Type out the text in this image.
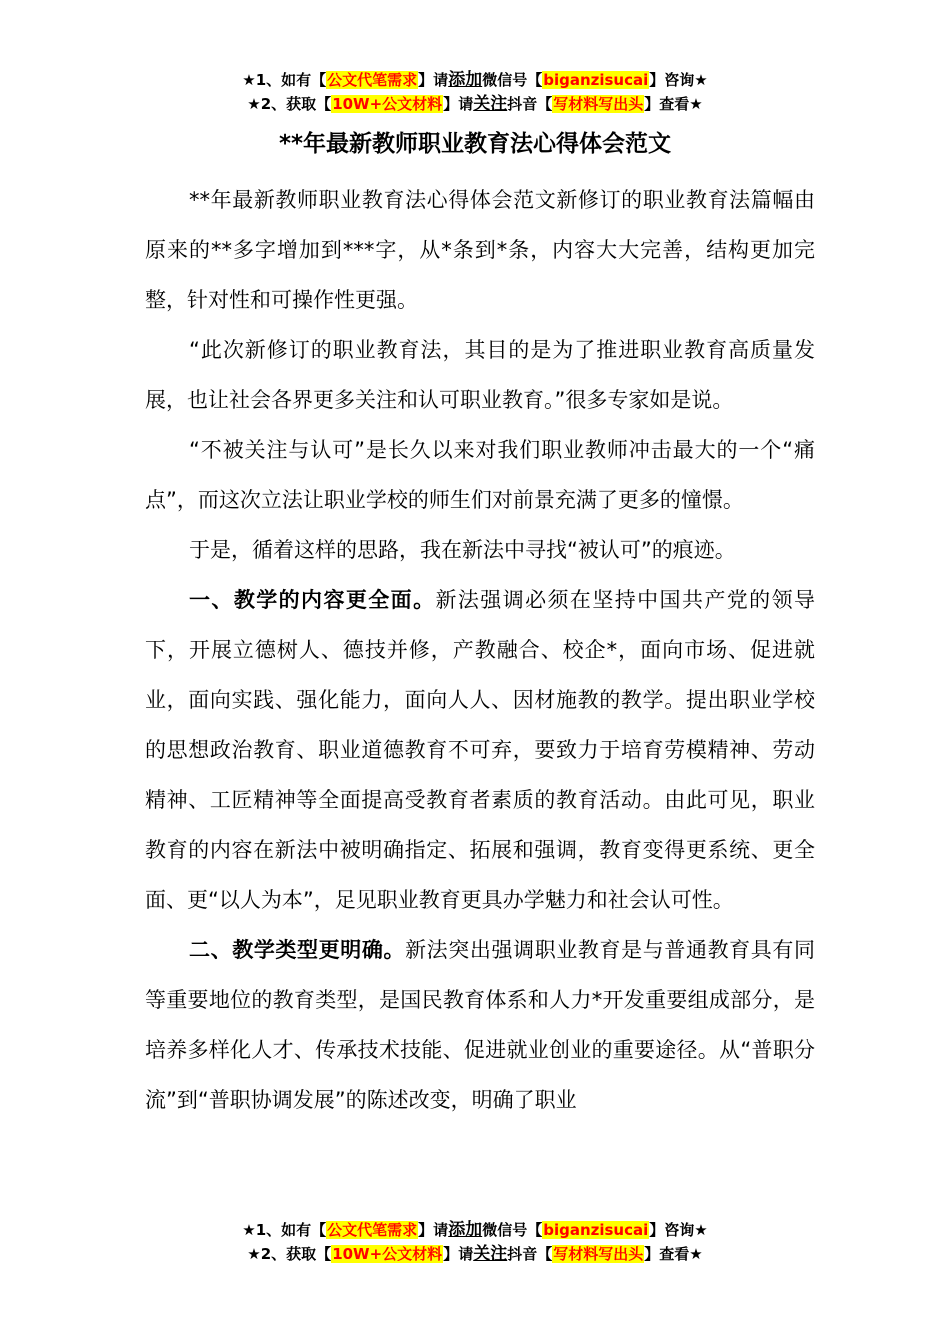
★1、如有【公文代笔需求】请添加微信号【biganzisucai】咨询★
★2、获取【10W+公文材料】请关注抖音【写材料写出头】查看★
**年最新教师职业教育法心得体会范文

**年最新教师职业教育法心得体会范文新修订的职业教育法篇幅由原来的**多字增加到***字，从*条到*条，内容大大完善，结构更加完整，针对性和可操作性更强。

“此次新修订的职业教育法，其目的是为了推进职业教育高质量发展，也让社会各界更多关注和认可职业教育。”很多专家如是说。

“不被关注与认可”是长久以来对我们职业教师冲击最大的一个“痛点”，而这次立法让职业学校的师生们对前景充满了更多的憧憬。

于是，循着这样的思路，我在新法中寻找“被认可”的痕迹。

一、教学的内容更全面。新法强调必须在坚持中国共产党的领导下，开展立德树人、德技并修，产教融合、校企*，面向市场、促进就业，面向实践、强化能力，面向人人、因材施教的教学。提出职业学校的思想政治教育、职业道德教育不可弃，要致力于培育劳模精神、劳动精神、工匠精神等全面提高受教育者素质的教育活动。由此可见，职业教育的内容在新法中被明确指定、拓展和强调，教育变得更系统、更全面、更“以人为本”，足见职业教育更具办学魅力和社会认可性。

二、教学类型更明确。新法突出强调职业教育是与普通教育具有同等重要地位的教育类型，是国民教育体系和人力*开发重要组成部分，是培养多样化人才、传承技术技能、促进就业创业的重要途径。从“普职分流”到“普职协调发展”的陈述改变，明确了职业

★1、如有【公文代笔需求】请添加微信号【biganzisucai】咨询★
★2、获取【10W+公文材料】请关注抖音【写材料写出头】查看★
